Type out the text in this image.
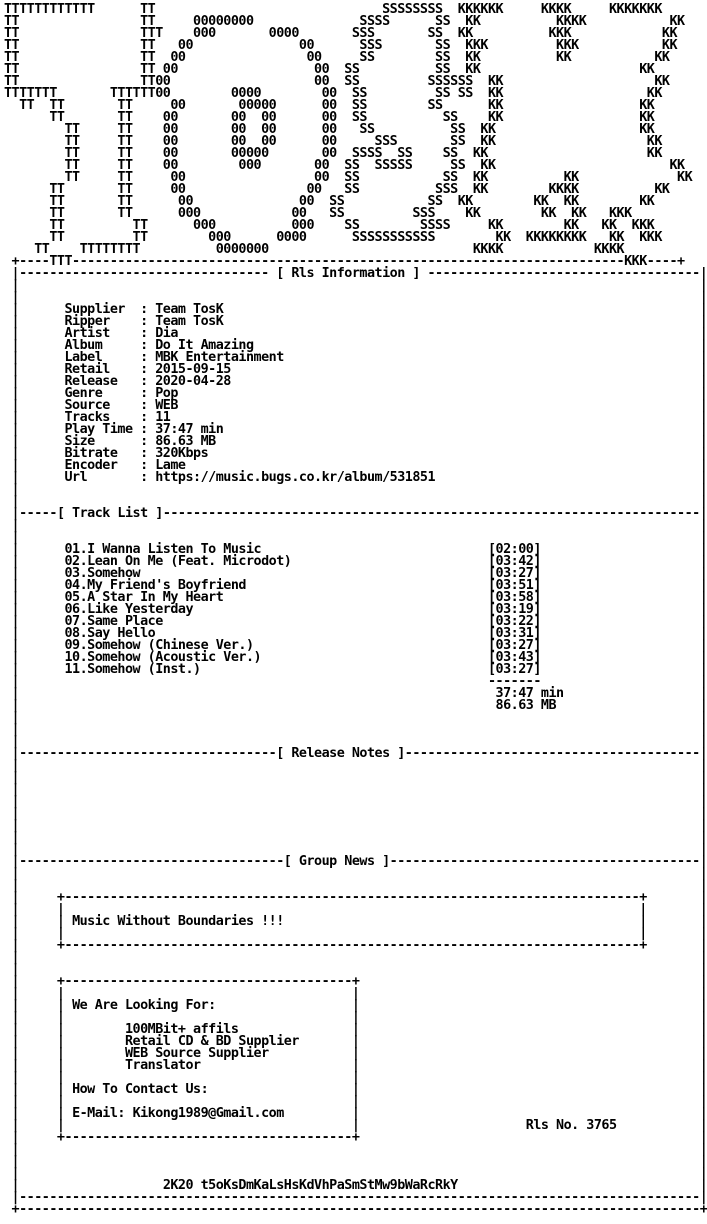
TTTTTTTTTTTT      TT                              SSSSSSSS  KKKKKK     KKKK     KKKKKKK
TT                TT     00000000              SSSS      SS  KK          KKKK           KK
TT                TTT    000       0000       SSS       SS  KK          KKK            KK
TT                TT   00              00      SSS       SS  KKK         KKK           KK
TT                TT  00                00     SS        SS  KK          KK           KK
TT                TT 00                  00  SS          SS  KK                     KK
TT                TT00                   00  SS         SSSSSS  KK                    KK
TTTTTTT       TTTTTT00        0000        00  SS         SS SS  KK                   KK
TT  TT       TT     00       00000      00  SS        SS      KK                  KK
TT       TT    00       00  00      00  SS          SS    KK                  KK
TT     TT    00       00  00      00   SS          SS  KK                   KK
TT     TT    00       00  00      00     SSS       SS  KK                    KK
TT     TT    00       00000       00  SSSS  SS    SS  KK                     KK
TT     TT    00        000       00  SS  SSSSS     SS  KK                       KK
TT     TT     00                 00  SS           SS  KK          KK             KK
TT       TT     00                00   SS          SSS  KK        KKKK          KK
TT       TT      00              00  SS           SS  KK        KK  KK        KK
TT       TT      000            00   SS         SSS    KK        KK  KK   KKK
TT         TT      000          000    SS        SSSS     KK        KK   KK  KKK
TT         TT        000      0000      SSSSSSSSSSS        KK  KKKKKKKK   KK  KKK
TT    TTTTTTTT          0000000                           KKKK            KKKK
+----TTT-------------------------------------------------------------------------KKK----+
|--------------------------------- [ Rls Information ] ------------------------------------|
|                                                                                          |
|                                                                                          |
|      Supplier  : Team TosK                                                               |
|      Ripper    : Team TosK                                                               |
|      Artist    : Dia                                                                     |
|      Album     : Do It Amazing                                                           |
|      Label     : MBK Entertainment                                                       |
|      Retail    : 2015-09-15                                                              |
|      Release   : 2020-04-28                                                              |
|      Genre     : Pop                                                                     |
|      Source    : WEB                                                                     |
|      Tracks    : 11                                                                      |
|      Play Time : 37:47 min                                                               |
|      Size      : 86.63 MB                                                                |
|      Bitrate   : 320Kbps                                                                 |
|      Encoder   : Lame                                                                    |
|      Url       : https://music.bugs.co.kr/album/531851                                   |
|                                                                                          |
|                                                                                          |
|-----[ Track List ]-----------------------------------------------------------------------|
|                                                                                          |
|                                                                                          |
|      01.I Wanna Listen To Music	[02:00]                     |
|      02.Lean On Me (Feat. Microdot)	[03:42]                     |
|      03.Somehow	[03:27]                     |
|      04.My Friend's Boyfriend	[03:51]                     |
|      05.A Star In My Heart	[03:58]                     |
|      06.Like Yesterday	[03:19]                     |
|      07.Same Place	[03:22]                     |
|      08.Say Hello	[03:31]                     |
|      09.Somehow (Chinese Ver.)	[03:27]                     |
|      10.Somehow (Acoustic Ver.)	[03:43]                     |
|      11.Somehow (Inst.)	[03:27]                     |
|                                                              -------                     |
|                                                               37:47 min                  |
|                                                               86.63 MB                   |
|                                                                                          |
|                                                                                          |
|                                                                                          |
|----------------------------------[ Release Notes ]---------------------------------------|
|                                                                                          |
|                                                                                          |
|                                                                                          |
|                                                                                          |
|                                                                                          |
|                                                                                          |
|                                                                                          |
|                                                                                          |
|-----------------------------------[ Group News ]-----------------------------------------|
|                                                                                          |
|                                                                                          |
|     +----------------------------------------------------------------------------+       |
|     |                                                                            |       |
|     | Music Without Boundaries !!!                                               |       |
|     |                                                                            |       |
|     +----------------------------------------------------------------------------+       |
|                                                                                          |
|                                                                                          |
|     +--------------------------------------+                                             |
|     |                                      |                                             |
|     | We Are Looking For:                  |                                             |
|     |                                      |                                             |
|     |        100MBit+ affils               |                                             |
|     |        Retail CD & BD Supplier       |                                             |
|     |        WEB Source Supplier           |                                             |
|     |        Translator                    |                                             |
|     |                                      |                                             |
|     | How To Contact Us:                   |                                             |
|     |                                      |                                             |
|     | E-Mail: Kikong1989@Gmail.com         |                                             |
|     |                                      |                      Rls No. 3765           |
|     +--------------------------------------+                                             |
|                                                                                          |
|                                                                                          |
|                                                                                          |
|                   2K20 t5oKsDmKaLsHsKdVhPaSmStMw9bWaRcRkY                                |
|------------------------------------------------------------------------------------------|
+------------------------------------------------------------------------------------------+
